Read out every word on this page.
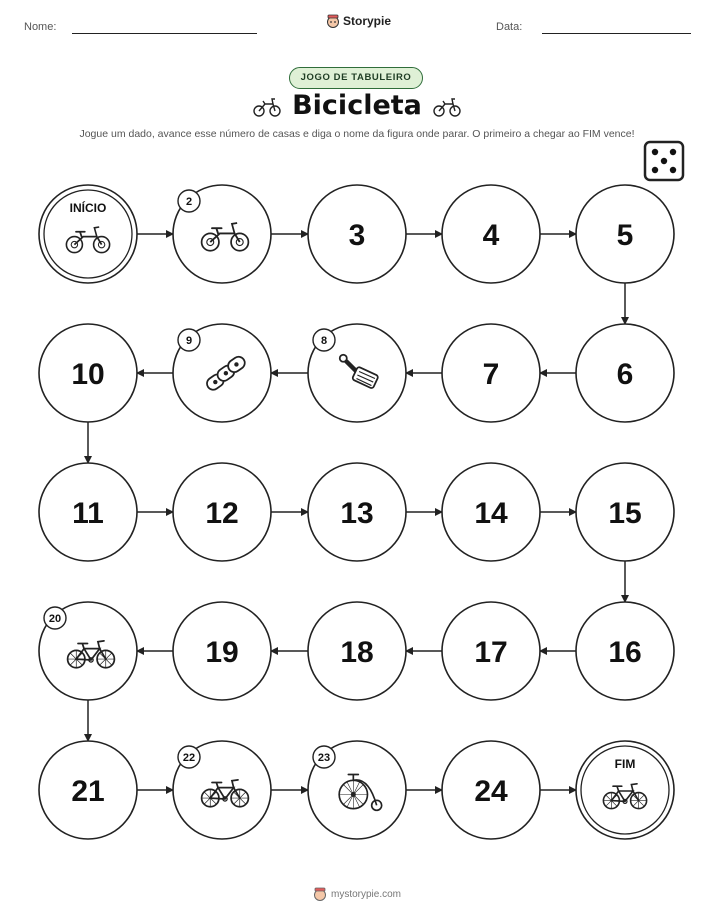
Nome:	Storypie	Data:
JOGO DE TABULEIRO
Bicicleta
Jogue um dado, avance esse número de casas e diga o nome da figura onde parar. O primeiro a chegar ao FIM vence!
INÍCIO	2
3	4	5
6
7
8
9
10
11	12	13	14	15
16
17
18
19
20
21
22	23
24
FIM
mystorypie.com
